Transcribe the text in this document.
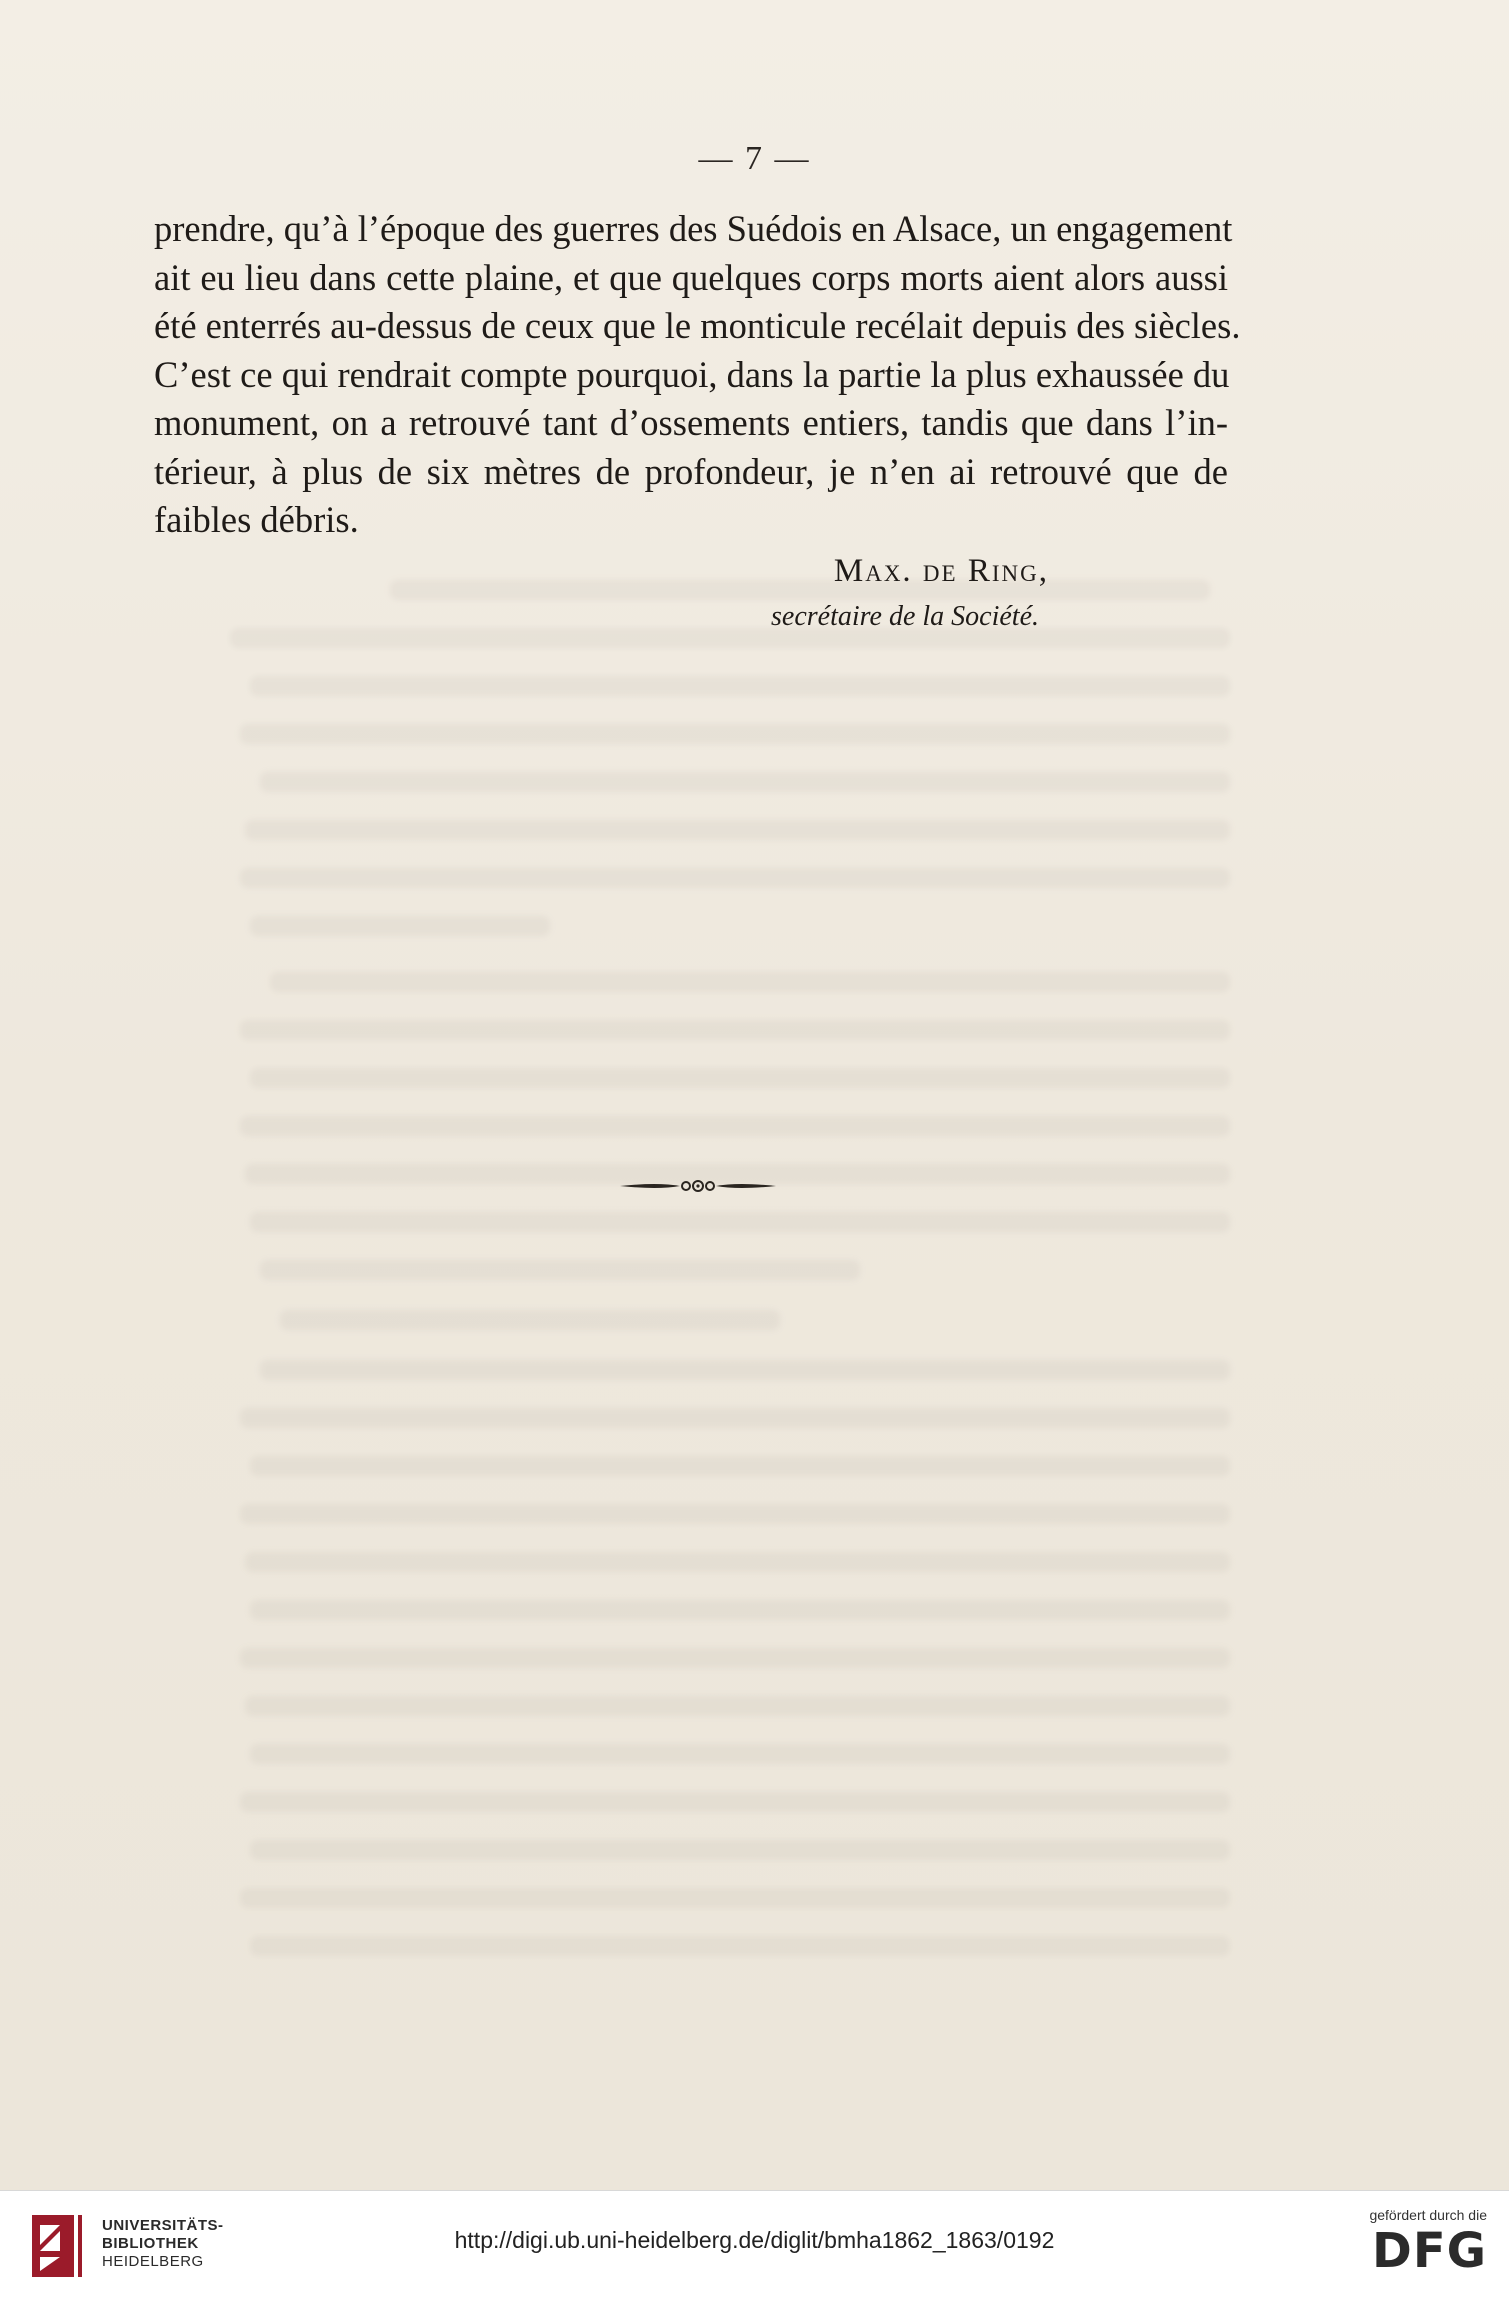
— 7 —
prendre, qu’à l’époque des guerres des Suédois en Alsace, un engagement
ait eu lieu dans cette plaine, et que quelques corps morts aient alors aussi
été enterrés au-dessus de ceux que le monticule recélait depuis des siècles.
C’est ce qui rendrait compte pourquoi, dans la partie la plus exhaussée du
monument, on a retrouvé tant d’ossements entiers, tandis que dans l’in-
térieur, à plus de six mètres de profondeur, je n’en ai retrouvé que de
faibles débris.
Max. de Ring,
secrétaire de la Société.
UNIVERSITÄTS-
BIBLIOTHEK
HEIDELBERG
http://digi.ub.uni-heidelberg.de/diglit/bmha1862_1863/0192
gefördert durch die
DFG
